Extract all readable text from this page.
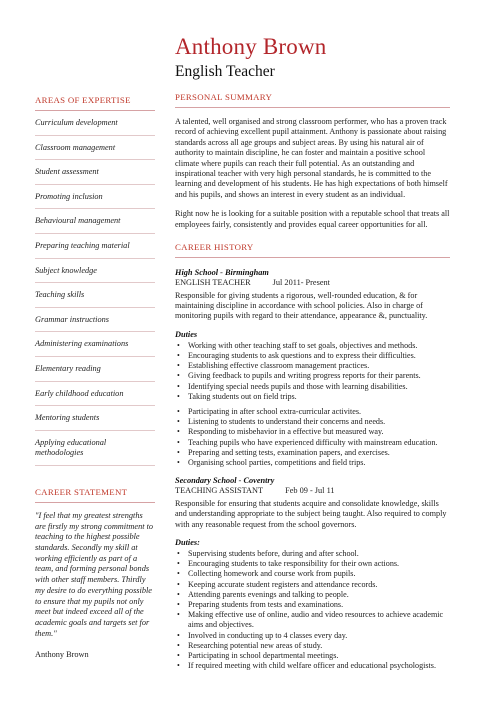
Anthony Brown
English Teacher
AREAS OF EXPERTISE
Curriculum development
Classroom management
Student assessment
Promoting inclusion
Behavioural management
Preparing teaching material
Subject knowledge
Teaching skills
Grammar instructions
Administering examinations
Elementary reading
Early childhood education
Mentoring students
Applying educational methodologies
CAREER STATEMENT
"I feel that my greatest strengths are firstly my strong commitment to teaching to the highest possible standards. Secondly my skill at working efficiently as part of a team, and forming personal bonds with other staff members. Thirdly my desire to do everything possible to ensure that my pupils not only meet but indeed exceed all of the academic goals and targets set for them."
Anthony Brown
PERSONAL SUMMARY

A talented, well organised and strong classroom performer, who has a proven track record of achieving excellent pupil attainment. Anthony is passionate about raising standards across all age groups and subject areas. By using his natural air of authority to maintain discipline, he can foster and maintain a positive school climate where pupils can reach their full potential. As an outstanding and inspirational teacher with very high personal standards, he is committed to the learning and development of his students. He has high expectations of both himself and his pupils, and shows an interest in every student as an individual.

Right now he is looking for a suitable position with a reputable school that treats all employees fairly, consistently and provides equal career opportunities for all.

CAREER HISTORY
High School - Birmingham
ENGLISH TEACHER	Jul 2011- Present

Responsible for giving students a rigorous, well-rounded education, & for maintaining discipline in accordance with school policies. Also in charge of monitoring pupils with regard to their attendance, appearance &, punctuality.

Duties
• Working with other teaching staff to set goals, objectives and methods.
• Encouraging students to ask questions and to express their difficulties.
• Establishing effective classroom management practices.
• Giving feedback to pupils and writing progress reports for their parents.
• Identifying special needs pupils and those with learning disabilities.
• Taking students out on field trips.
• Participating in after school extra-curricular activites.
• Listening to students to understand their concerns and needs.
• Responding to misbehavior in a effective but measured way.
• Teaching pupils who have experienced difficulty with mainstream education.
• Preparing and setting tests, examination papers, and exercises.
• Organising school parties, competitions and field trips.
Secondary School - Coventry
TEACHING ASSISTANT	Feb 09 - Jul 11

Responsible for ensuring that students acquire and consolidate knowledge, skills and understanding appropriate to the subject being taught. Also required to comply with any reasonable request from the school governors.

Duties:
• Supervising students before, during and after school.
• Encouraging students to take responsibility for their own actions.
• Collecting homework and course work from pupils.
• Keeping accurate student registers and attendance records.
• Attending parents evenings and talking to people.
• Preparing students from tests and examinations.
• Making effective use of online, audio and video resources to achieve academic aims and objectives.
• Involved in conducting up to 4 classes every day.
• Researching potential new areas of study.
• Participating in school departmental meetings.
• If required meeting with child welfare officer and educational psychologists.
